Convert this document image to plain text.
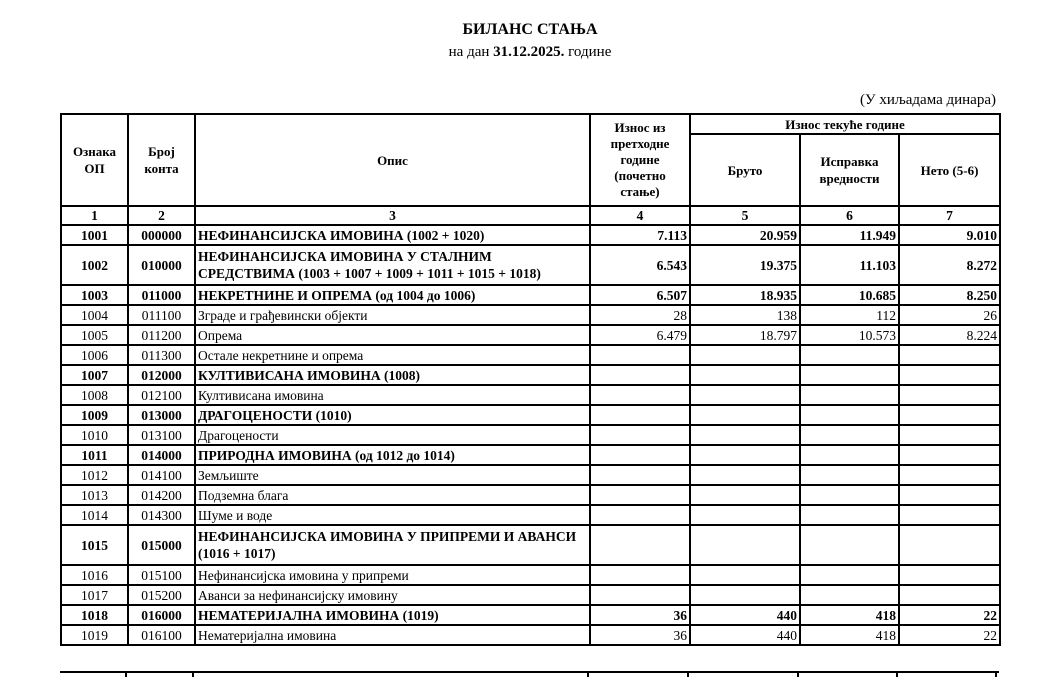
БИЛАНС СТАЊА
на дан 31.12.2025. године
(У хиљадама динара)
Ознака ОП	Број конта	Опис	Износ из претходне године (почетно стање)	Износ текуће године		
				Бруто	Исправка вредности	Нето (5-6)
1	2	3	4	5	6	7
1001	000000	НЕФИНАНСИЈСКА ИМОВИНА (1002 + 1020)	7.113	20.959	11.949	9.010
1002	010000	НЕФИНАНСИЈСКА ИМОВИНА У СТАЛНИМ СРЕДСТВИМА (1003 + 1007 + 1009 + 1011 + 1015 + 1018)	6.543	19.375	11.103	8.272
1003	011000	НЕКРЕТНИНЕ И ОПРЕМА (од 1004 до 1006)	6.507	18.935	10.685	8.250
1004	011100	Зграде и грађевински објекти	28	138	112	26
1005	011200	Опрема	6.479	18.797	10.573	8.224
1006	011300	Остале некретнине и опрема				
1007	012000	КУЛТИВИСАНА ИМОВИНА (1008)				
1008	012100	Култивисана имовина				
1009	013000	ДРАГОЦЕНОСТИ (1010)				
1010	013100	Драгоцености				
1011	014000	ПРИРОДНА ИМОВИНА (од 1012 до 1014)				
1012	014100	Земљиште				
1013	014200	Подземна блага				
1014	014300	Шуме и воде				
1015	015000	НЕФИНАНСИЈСКА ИМОВИНА У ПРИПРЕМИ И АВАНСИ (1016 + 1017)				
1016	015100	Нефинансијска имовина у припреми				
1017	015200	Аванси за нефинансијску имовину				
1018	016000	НЕМАТЕРИЈАЛНА ИМОВИНА (1019)	36	440	418	22
1019	016100	Нематеријална имовина	36	440	418	22
